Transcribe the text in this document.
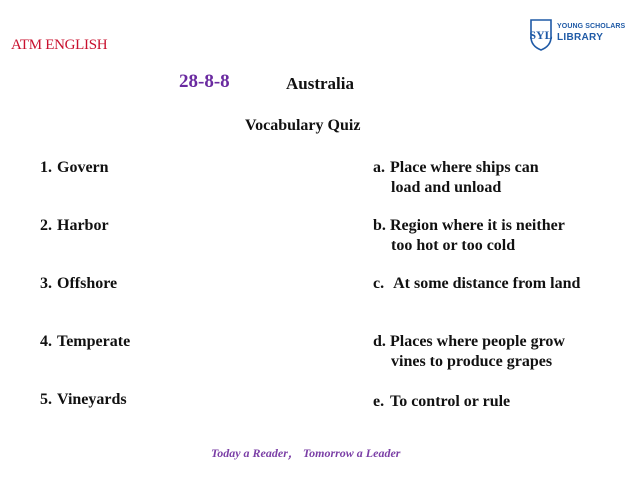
ATM ENGLISH
SYL
YOUNG SCHOLARS
LIBRARY
28-8-8	Australia
Vocabulary Quiz
1. Govern
2. Harbor
3. Offshore
4. Temperate
5. Vineyards
a. Place where ships can
load and unload
b. Region where it is neither
too hot or too cold
c. At some distance from land
d. Places where people grow
vines to produce grapes
e. To control or rule
Today a Reader， Tomorrow a Leader
